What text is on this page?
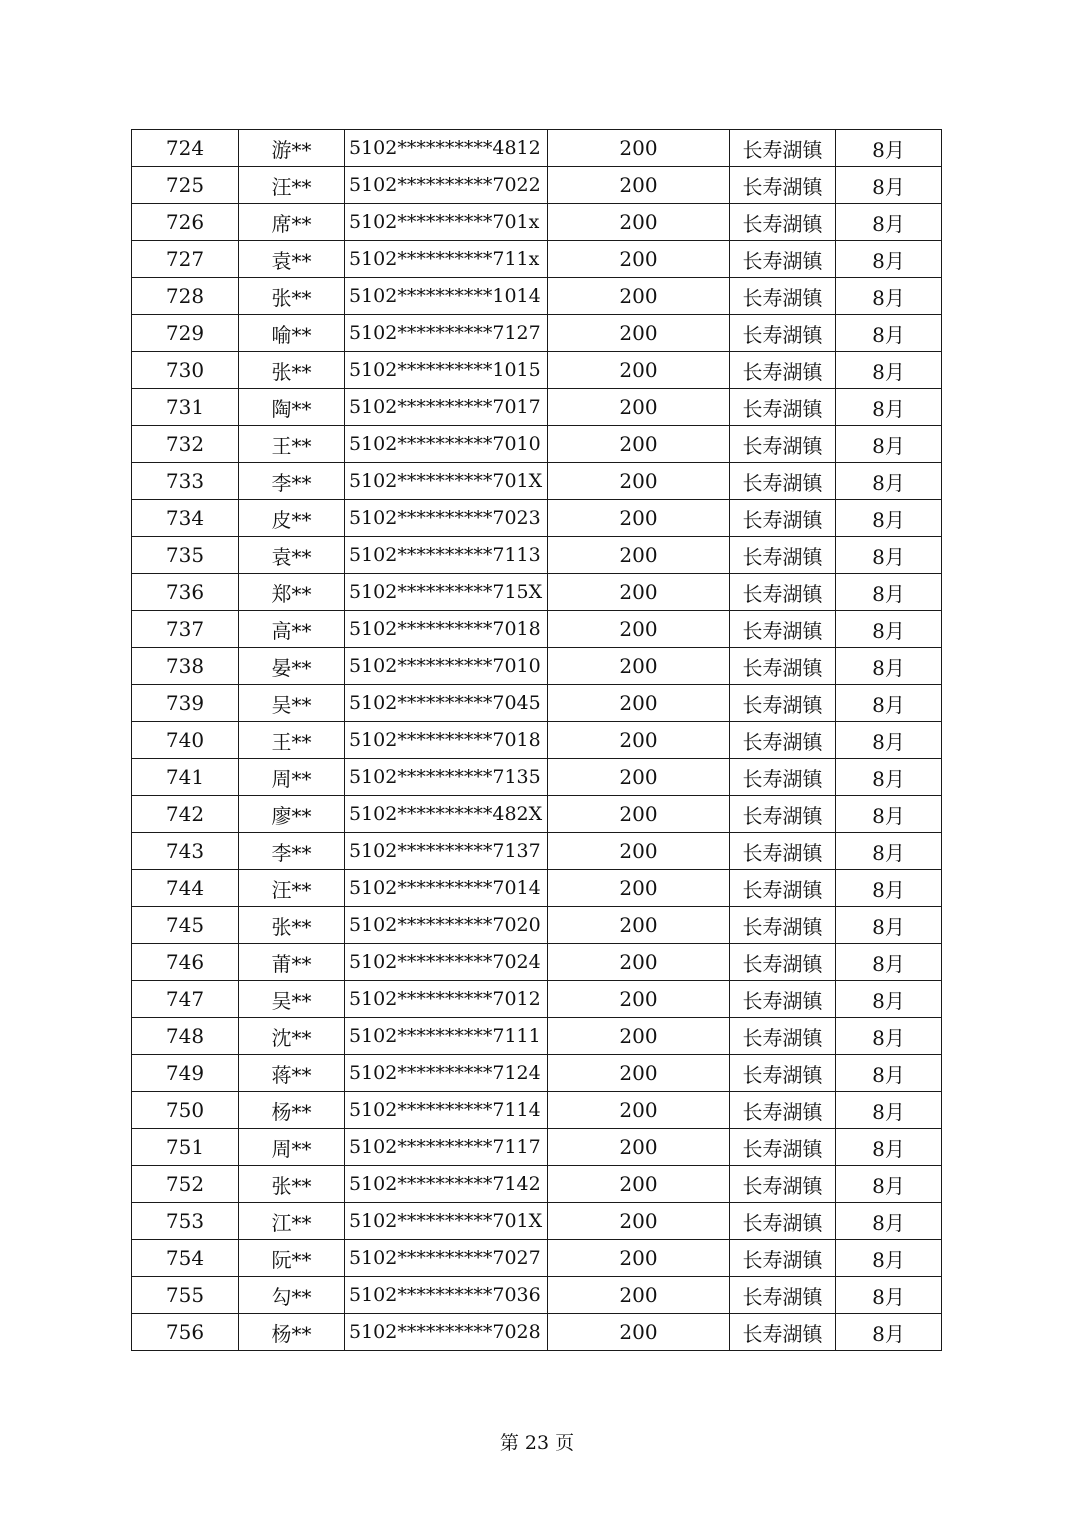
724	游**	5102**********4812	200	长寿湖镇	8月
725	汪**	5102**********7022	200	长寿湖镇	8月
726	席**	5102**********701x	200	长寿湖镇	8月
727	袁**	5102**********711x	200	长寿湖镇	8月
728	张**	5102**********1014	200	长寿湖镇	8月
729	喻**	5102**********7127	200	长寿湖镇	8月
730	张**	5102**********1015	200	长寿湖镇	8月
731	陶**	5102**********7017	200	长寿湖镇	8月
732	王**	5102**********7010	200	长寿湖镇	8月
733	李**	5102**********701X	200	长寿湖镇	8月
734	皮**	5102**********7023	200	长寿湖镇	8月
735	袁**	5102**********7113	200	长寿湖镇	8月
736	郑**	5102**********715X	200	长寿湖镇	8月
737	高**	5102**********7018	200	长寿湖镇	8月
738	晏**	5102**********7010	200	长寿湖镇	8月
739	吴**	5102**********7045	200	长寿湖镇	8月
740	王**	5102**********7018	200	长寿湖镇	8月
741	周**	5102**********7135	200	长寿湖镇	8月
742	廖**	5102**********482X	200	长寿湖镇	8月
743	李**	5102**********7137	200	长寿湖镇	8月
744	汪**	5102**********7014	200	长寿湖镇	8月
745	张**	5102**********7020	200	长寿湖镇	8月
746	莆**	5102**********7024	200	长寿湖镇	8月
747	吴**	5102**********7012	200	长寿湖镇	8月
748	沈**	5102**********7111	200	长寿湖镇	8月
749	蒋**	5102**********7124	200	长寿湖镇	8月
750	杨**	5102**********7114	200	长寿湖镇	8月
751	周**	5102**********7117	200	长寿湖镇	8月
752	张**	5102**********7142	200	长寿湖镇	8月
753	江**	5102**********701X	200	长寿湖镇	8月
754	阮**	5102**********7027	200	长寿湖镇	8月
755	勾**	5102**********7036	200	长寿湖镇	8月
756	杨**	5102**********7028	200	长寿湖镇	8月
第 23 页
